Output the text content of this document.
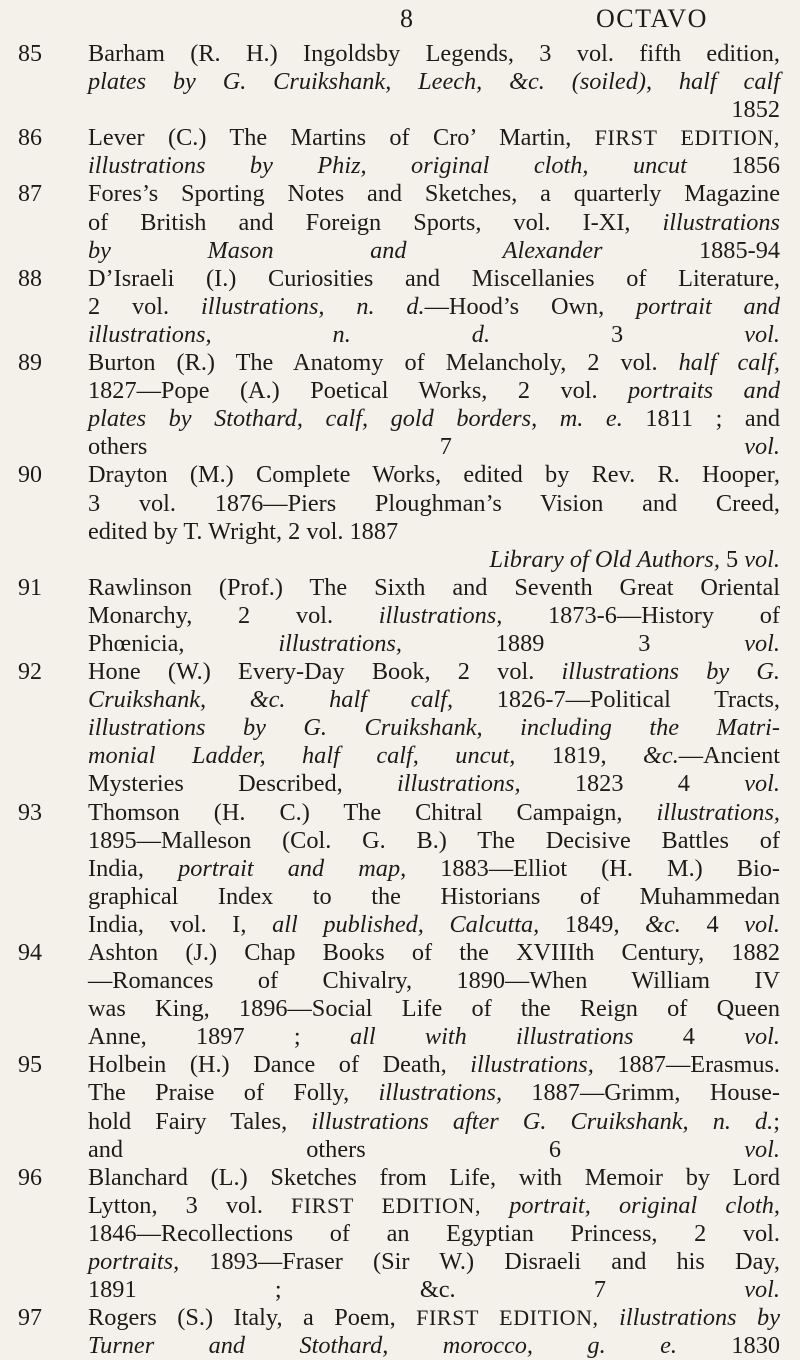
8	OCTAVO
85	Barham (R. H.) Ingoldsby Legends, 3 vol. fifth edition,
plates by G. Cruikshank, Leech, &c. (soiled), half calf
1852
86	Lever (C.) The Martins of Cro’ Martin, FIRST EDITION,
illustrations by Phiz, original cloth, uncut 1856
87	Fores’s Sporting Notes and Sketches, a quarterly Magazine
of British and Foreign Sports, vol. I-XI, illustrations
by Mason and Alexander 1885-94
88	D’Israeli (I.) Curiosities and Miscellanies of Literature,
2 vol. illustrations, n. d.—Hood’s Own, portrait and
illustrations, n. d. 3 vol.
89	Burton (R.) The Anatomy of Melancholy, 2 vol. half calf,
1827—Pope (A.) Poetical Works, 2 vol. portraits and
plates by Stothard, calf, gold borders, m. e. 1811 ; and
others 7 vol.
90	Drayton (M.) Complete Works, edited by Rev. R. Hooper,
3 vol. 1876—Piers Ploughman’s Vision and Creed,
edited by T. Wright, 2 vol. 1887
Library of Old Authors, 5 vol.
91	Rawlinson (Prof.) The Sixth and Seventh Great Oriental
Monarchy, 2 vol. illustrations, 1873-6—History of
Phœnicia, illustrations, 1889 3 vol.
92	Hone (W.) Every-Day Book, 2 vol. illustrations by G.
Cruikshank, &c. half calf, 1826-7—Political Tracts,
illustrations by G. Cruikshank, including the Matri-
monial Ladder, half calf, uncut, 1819, &c.—Ancient
Mysteries Described, illustrations, 1823 4 vol.
93	Thomson (H. C.) The Chitral Campaign, illustrations,
1895—Malleson (Col. G. B.) The Decisive Battles of
India, portrait and map, 1883—Elliot (H. M.) Bio-
graphical Index to the Historians of Muhammedan
India, vol. I, all published, Calcutta, 1849, &c. 4 vol.
94	Ashton (J.) Chap Books of the XVIIIth Century, 1882
—Romances of Chivalry, 1890—When William IV
was King, 1896—Social Life of the Reign of Queen
Anne, 1897 ; all with illustrations 4 vol.
95	Holbein (H.) Dance of Death, illustrations, 1887—Erasmus.
The Praise of Folly, illustrations, 1887—Grimm, House-
hold Fairy Tales, illustrations after G. Cruikshank, n. d.;
and others 6 vol.
96	Blanchard (L.) Sketches from Life, with Memoir by Lord
Lytton, 3 vol. FIRST EDITION, portrait, original cloth,
1846—Recollections of an Egyptian Princess, 2 vol.
portraits, 1893—Fraser (Sir W.) Disraeli and his Day,
1891 ; &c. 7 vol.
97	Rogers (S.) Italy, a Poem, FIRST EDITION, illustrations by
Turner and Stothard, morocco, g. e. 1830
